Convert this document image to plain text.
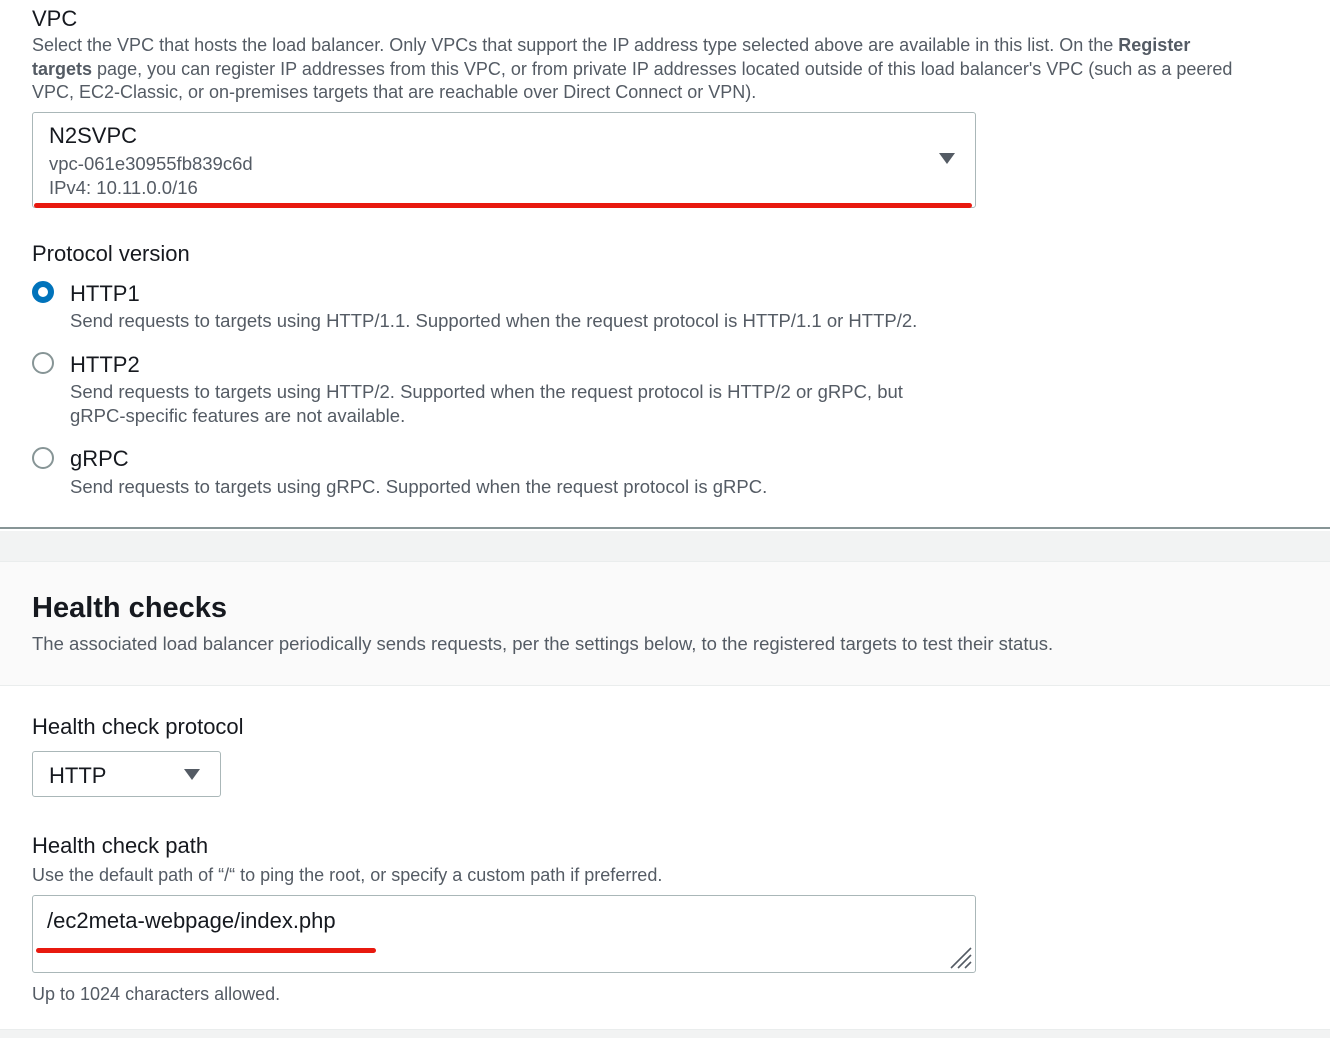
VPC
Select the VPC that hosts the load balancer. Only VPCs that support the IP address type selected above are available in this list. On the Register
targets page, you can register IP addresses from this VPC, or from private IP addresses located outside of this load balancer's VPC (such as a peered
VPC, EC2-Classic, or on-premises targets that are reachable over Direct Connect or VPN).
N2SVPC
vpc-061e30955fb839c6d
IPv4: 10.11.0.0/16
Protocol version
HTTP1
Send requests to targets using HTTP/1.1. Supported when the request protocol is HTTP/1.1 or HTTP/2.
HTTP2
Send requests to targets using HTTP/2. Supported when the request protocol is HTTP/2 or gRPC, but
gRPC-specific features are not available.
gRPC
Send requests to targets using gRPC. Supported when the request protocol is gRPC.
Health checks
The associated load balancer periodically sends requests, per the settings below, to the registered targets to test their status.
Health check protocol
HTTP
Health check path
Use the default path of “/“ to ping the root, or specify a custom path if preferred.
/ec2meta-webpage/index.php
Up to 1024 characters allowed.
